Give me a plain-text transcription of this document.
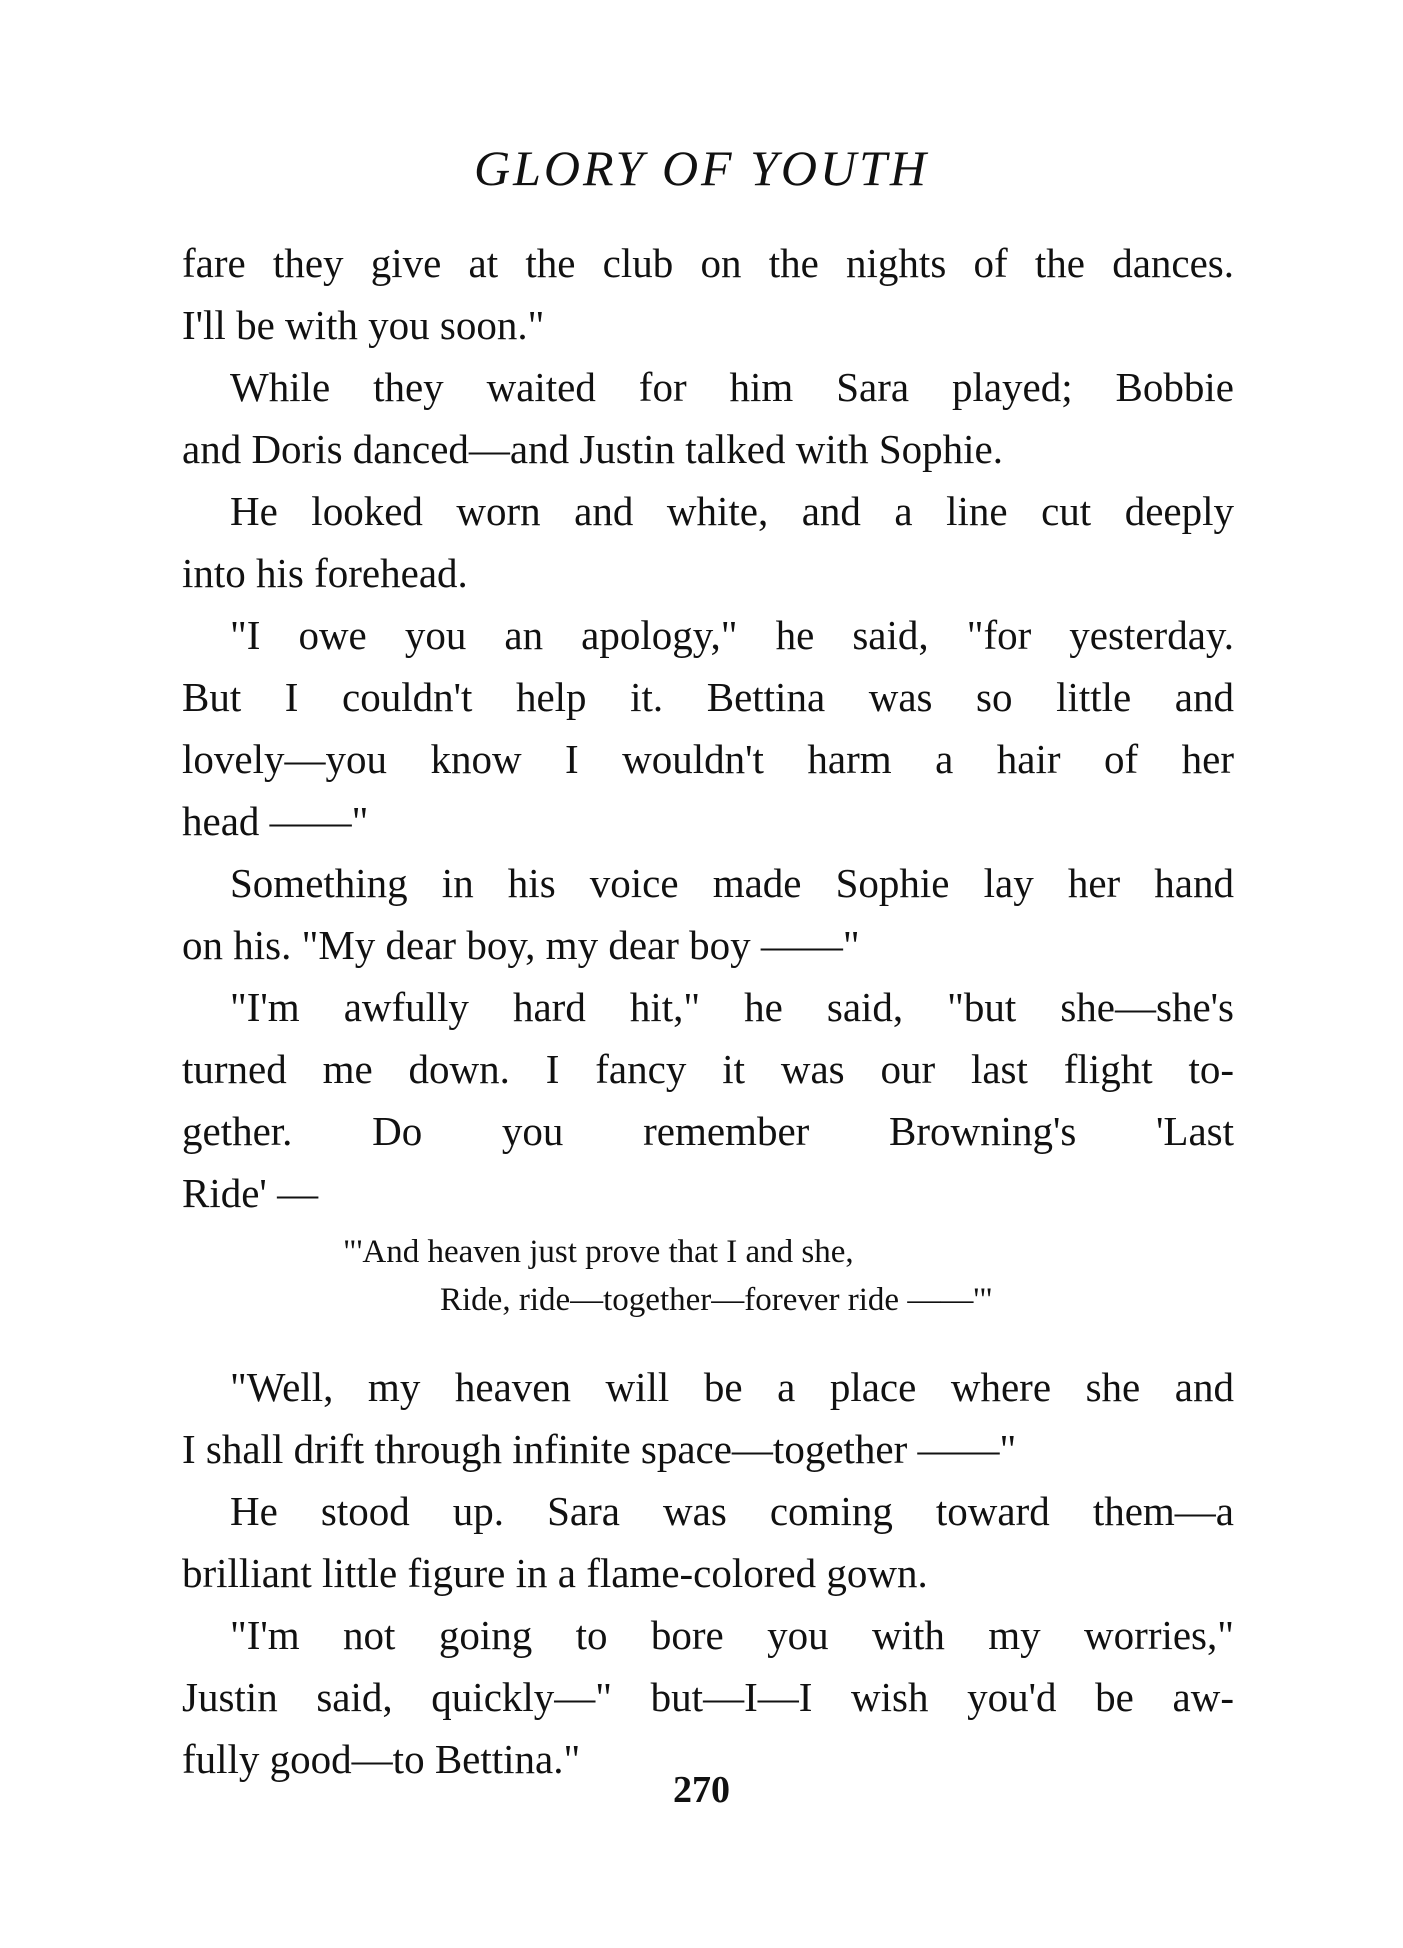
GLORY OF YOUTH
fare they give at the club on the nights of the dances.
I'll be with you soon."
While they waited for him Sara played; Bobbie
and Doris danced—and Justin talked with Sophie.
He looked worn and white, and a line cut deeply
into his forehead.
"I owe you an apology," he said, "for yesterday.
But I couldn't help it. Bettina was so little and
lovely—you know I wouldn't harm a hair of her
head ——"
Something in his voice made Sophie lay her hand
on his. "My dear boy, my dear boy ——"
"I'm awfully hard hit," he said, "but she—she's
turned me down. I fancy it was our last flight to-
gether. Do you remember Browning's 'Last
Ride' —
"'And heaven just prove that I and she,
Ride, ride—together—forever ride ——'"
"Well, my heaven will be a place where she and
I shall drift through infinite space—together ——"
He stood up. Sara was coming toward them—a
brilliant little figure in a flame-colored gown.
"I'm not going to bore you with my worries,"
Justin said, quickly—" but—I—I wish you'd be aw-
fully good—to Bettina."
270
